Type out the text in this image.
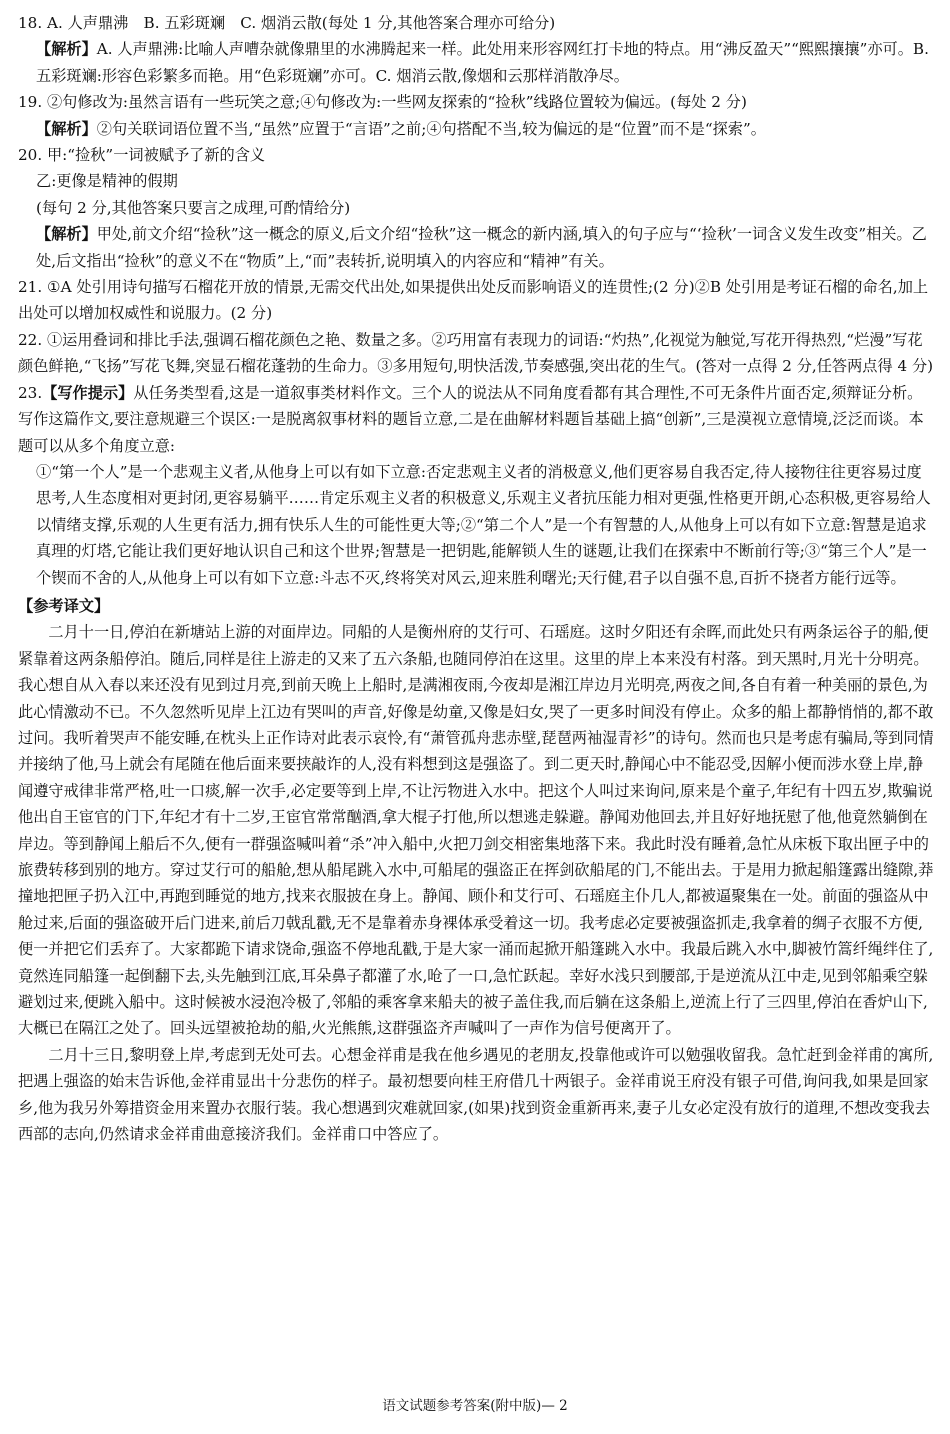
18. A. 人声鼎沸　B. 五彩斑斓　C. 烟消云散(每处 1 分,其他答案合理亦可给分)
【解析】A. 人声鼎沸:比喻人声嘈杂就像鼎里的水沸腾起来一样。此处用来形容网红打卡地的特点。用“沸反盈天”“熙熙攘攘”亦可。B. 五彩斑斓:形容色彩繁多而艳。用“色彩斑斓”亦可。C. 烟消云散,像烟和云那样消散净尽。
19. ②句修改为:虽然言语有一些玩笑之意;④句修改为:一些网友探索的“捡秋”线路位置较为偏远。(每处 2 分)
【解析】②句关联词语位置不当,“虽然”应置于“言语”之前;④句搭配不当,较为偏远的是“位置”而不是“探索”。
20. 甲:“捡秋”一词被赋予了新的含义
乙:更像是精神的假期
(每句 2 分,其他答案只要言之成理,可酌情给分)
【解析】甲处,前文介绍“捡秋”这一概念的原义,后文介绍“捡秋”这一概念的新内涵,填入的句子应与“‘捡秋’一词含义发生改变”相关。乙处,后文指出“捡秋”的意义不在“物质”上,“而”表转折,说明填入的内容应和“精神”有关。
21. ①A 处引用诗句描写石榴花开放的情景,无需交代出处,如果提供出处反而影响语义的连贯性;(2 分)②B 处引用是考证石榴的命名,加上出处可以增加权威性和说服力。(2 分)
22. ①运用叠词和排比手法,强调石榴花颜色之艳、数量之多。②巧用富有表现力的词语:“灼热”,化视觉为触觉,写花开得热烈,“烂漫”写花颜色鲜艳,“飞扬”写花飞舞,突显石榴花蓬勃的生命力。③多用短句,明快活泼,节奏感强,突出花的生气。(答对一点得 2 分,任答两点得 4 分)
23.【写作提示】从任务类型看,这是一道叙事类材料作文。三个人的说法从不同角度看都有其合理性,不可无条件片面否定,须辩证分析。写作这篇作文,要注意规避三个误区:一是脱离叙事材料的题旨立意,二是在曲解材料题旨基础上搞“创新”,三是漠视立意情境,泛泛而谈。本题可以从多个角度立意:
①“第一个人”是一个悲观主义者,从他身上可以有如下立意:否定悲观主义者的消极意义,他们更容易自我否定,待人接物往往更容易过度思考,人生态度相对更封闭,更容易躺平……肯定乐观主义者的积极意义,乐观主义者抗压能力相对更强,性格更开朗,心态积极,更容易给人以情绪支撑,乐观的人生更有活力,拥有快乐人生的可能性更大等;②“第二个人”是一个有智慧的人,从他身上可以有如下立意:智慧是追求真理的灯塔,它能让我们更好地认识自己和这个世界;智慧是一把钥匙,能解锁人生的谜题,让我们在探索中不断前行等;③“第三个人”是一个锲而不舍的人,从他身上可以有如下立意:斗志不灭,终将笑对风云,迎来胜利曙光;天行健,君子以自强不息,百折不挠者方能行远等。
【参考译文】

二月十一日,停泊在新塘站上游的对面岸边。同船的人是衡州府的艾行可、石瑶庭。这时夕阳还有余晖,而此处只有两条运谷子的船,便紧靠着这两条船停泊。随后,同样是往上游走的又来了五六条船,也随同停泊在这里。这里的岸上本来没有村落。到天黑时,月光十分明亮。我心想自从入春以来还没有见到过月亮,到前天晚上上船时,是满湘夜雨,今夜却是湘江岸边月光明亮,两夜之间,各自有着一种美丽的景色,为此心情激动不已。不久忽然听见岸上江边有哭叫的声音,好像是幼童,又像是妇女,哭了一更多时间没有停止。众多的船上都静悄悄的,都不敢过问。我听着哭声不能安睡,在枕头上正作诗对此表示哀怜,有“萧管孤舟悲赤壁,琵琶两袖湿青衫”的诗句。然而也只是考虑有骗局,等到同情并接纳了他,马上就会有尾随在他后面来要挟敲诈的人,没有料想到这是强盗了。到二更天时,静闻心中不能忍受,因解小便而涉水登上岸,静闻遵守戒律非常严格,吐一口痰,解一次手,必定要等到上岸,不让污物进入水中。把这个人叫过来询问,原来是个童子,年纪有十四五岁,欺骗说他出自王宦官的门下,年纪才有十二岁,王宦官常常酗酒,拿大棍子打他,所以想逃走躲避。静闻劝他回去,并且好好地抚慰了他,他竟然躺倒在岸边。等到静闻上船后不久,便有一群强盗喊叫着“杀”冲入船中,火把刀剑交相密集地落下来。我此时没有睡着,急忙从床板下取出匣子中的旅费转移到别的地方。穿过艾行可的船舱,想从船尾跳入水中,可船尾的强盗正在挥剑砍船尾的门,不能出去。于是用力掀起船篷露出缝隙,莽撞地把匣子扔入江中,再跑到睡觉的地方,找来衣服披在身上。静闻、顾仆和艾行可、石瑶庭主仆几人,都被逼聚集在一处。前面的强盗从中舱过来,后面的强盗破开后门进来,前后刀戟乱戳,无不是靠着赤身裸体承受着这一切。我考虑必定要被强盗抓走,我拿着的绸子衣服不方便,便一并把它们丢弃了。大家都跪下请求饶命,强盗不停地乱戳,于是大家一涌而起掀开船篷跳入水中。我最后跳入水中,脚被竹篙纤绳绊住了,竟然连同船篷一起倒翻下去,头先触到江底,耳朵鼻子都灌了水,呛了一口,急忙跃起。幸好水浅只到腰部,于是逆流从江中走,见到邻船乘空躲避划过来,便跳入船中。这时候被水浸泡冷极了,邻船的乘客拿来船夫的被子盖住我,而后躺在这条船上,逆流上行了三四里,停泊在香炉山下,大概已在隔江之处了。回头远望被抢劫的船,火光熊熊,这群强盗齐声喊叫了一声作为信号便离开了。

二月十三日,黎明登上岸,考虑到无处可去。心想金祥甫是我在他乡遇见的老朋友,投靠他或许可以勉强收留我。急忙赶到金祥甫的寓所,把遇上强盗的始末告诉他,金祥甫显出十分悲伤的样子。最初想要向桂王府借几十两银子。金祥甫说王府没有银子可借,询问我,如果是回家乡,他为我另外筹措资金用来置办衣服行装。我心想遇到灾难就回家,(如果)找到资金重新再来,妻子儿女必定没有放行的道理,不想改变我去西部的志向,仍然请求金祥甫曲意接济我们。金祥甫口中答应了。

语文试题参考答案(附中版)— 2
